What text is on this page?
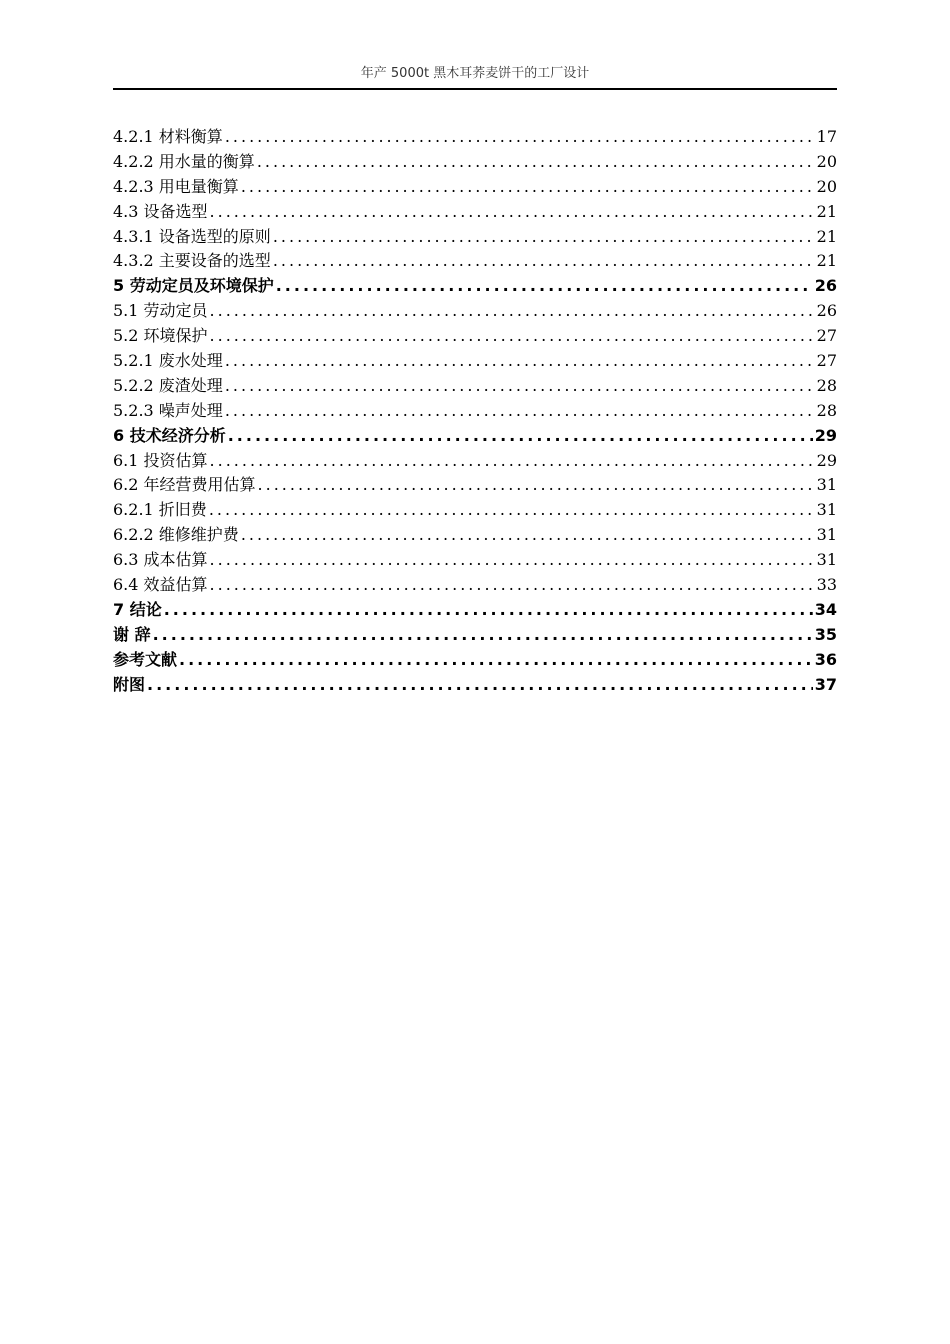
年产 5000t 黑木耳荞麦饼干的工厂设计
4.2.1 材料衡算 .....	17
4.2.2 用水量的衡算 .....	20
4.2.3 用电量衡算 .....	20
4.3 设备选型 .....	21
4.3.1 设备选型的原则 .....	21
4.3.2 主要设备的选型 .....	21
5 劳动定员及环境保护 .....	26
5.1 劳动定员 .....	26
5.2 环境保护 .....	27
5.2.1 废水处理 .....	27
5.2.2 废渣处理 .....	28
5.2.3 噪声处理 .....	28
6 技术经济分析 .....	29
6.1 投资估算 .....	29
6.2 年经营费用估算 .....	31
6.2.1 折旧费 .....	31
6.2.2 维修维护费 .....	31
6.3 成本估算 .....	31
6.4 效益估算 .....	33
7 结论 .....	34
谢 辞 .....	35
参考文献 .....	36
附图 .....	37
